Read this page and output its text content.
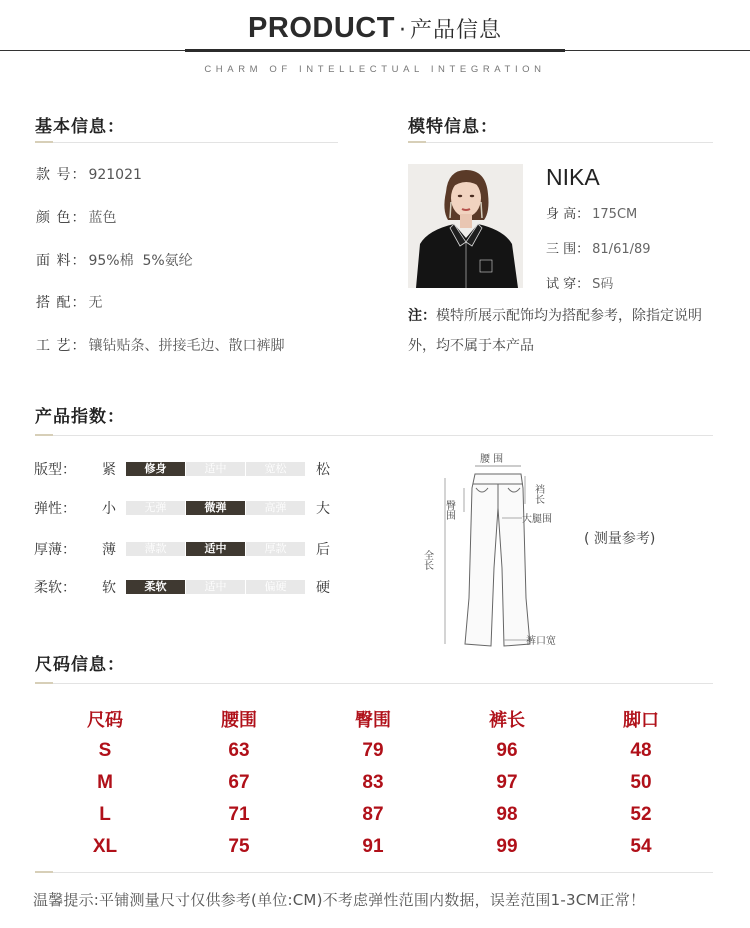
PRODUCT · 产品信息
CHARM OF INTELLECTUAL INTEGRATION
基本信息：
款 号： 921021
颜 色： 蓝色
面 料： 95%棉  5%氨纶
搭 配： 无
工 艺： 镶钻贴条、拼接毛边、散口裤脚
模特信息：
NIKA
身 高： 175CM
三 围： 81/61/89
试 穿： S码
注：模特所展示配饰均为搭配参考，除指定说明外，均不属于本产品
产品指数：
版型：	紧	修身	适中	宽松	松
弹性：	小	无弹	微弹	高弹	大
厚薄：	薄	薄款	适中	厚款	后
柔软：	软	柔软	适中	偏硬	硬
腰 围
臀围
裆长
大腿围
全长
裤口宽
( 测量参考)
尺码信息：
尺码	腰围	臀围	裤长	脚口
S	63	79	96	48
M	67	83	97	50
L	71	87	98	52
XL	75	91	99	54
温馨提示:平铺测量尺寸仅供参考(单位:CM)不考虑弹性范围内数据，误差范围1-3CM正常！
